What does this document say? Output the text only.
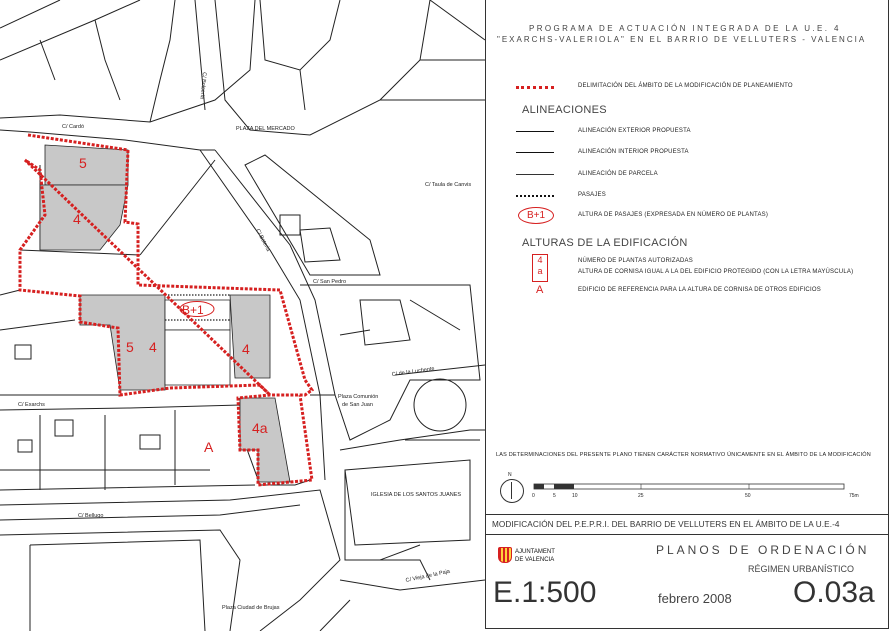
C/ Bolseria
C/ Cardó	PLAZA DEL MERCADO
C/ Taula de Canvis
C/ San Pedro
C/ Boteria
C/ de la Luchente
Plaza Comunión
de San Juan
C/ Exarchs
IGLESIA DE LOS SANTOS JUANES
C/ Bellugo
C/ Vieja de la Paja
Plaza Ciudad de Brujas
5
4
5 4	4
4a
A
B+1
PROGRAMA DE ACTUACIÓN INTEGRADA DE LA U.E. 4
"EXARCHS-VALERIOLA" EN EL BARRIO DE VELLUTERS - VALENCIA
DELIMITACIÓN DEL ÁMBITO DE LA MODIFICACIÓN DE PLANEAMIENTO
ALINEACIONES
ALINEACIÓN EXTERIOR PROPUESTA
ALINEACIÓN INTERIOR PROPUESTA
ALINEACIÓN DE PARCELA
PASAJES
B+1	ALTURA DE PASAJES (EXPRESADA EN NÚMERO DE PLANTAS)
ALTURAS DE LA EDIFICACIÓN
4
a
NÚMERO DE PLANTAS AUTORIZADAS
ALTURA DE CORNISA IGUAL A LA DEL EDIFICIO PROTEGIDO (CON LA LETRA MAYÚSCULA)
A	EDIFICIO DE REFERENCIA PARA LA ALTURA DE CORNISA DE OTROS EDIFICIOS
LAS DETERMINACIONES DEL PRESENTE PLANO TIENEN CARÁCTER NORMATIVO ÚNICAMENTE EN EL ÁMBITO DE LA MODIFICACIÓN
N
0	5	10	25	50	75m
MODIFICACIÓN DEL P.E.P.R.I. DEL BARRIO DE VELLUTERS EN EL ÁMBITO DE LA U.E.-4
AJUNTAMENT
DE VALENCIA
PLANOS DE ORDENACIÓN
RÉGIMEN URBANÍSTICO
E.1:500	febrero 2008 O.03a
